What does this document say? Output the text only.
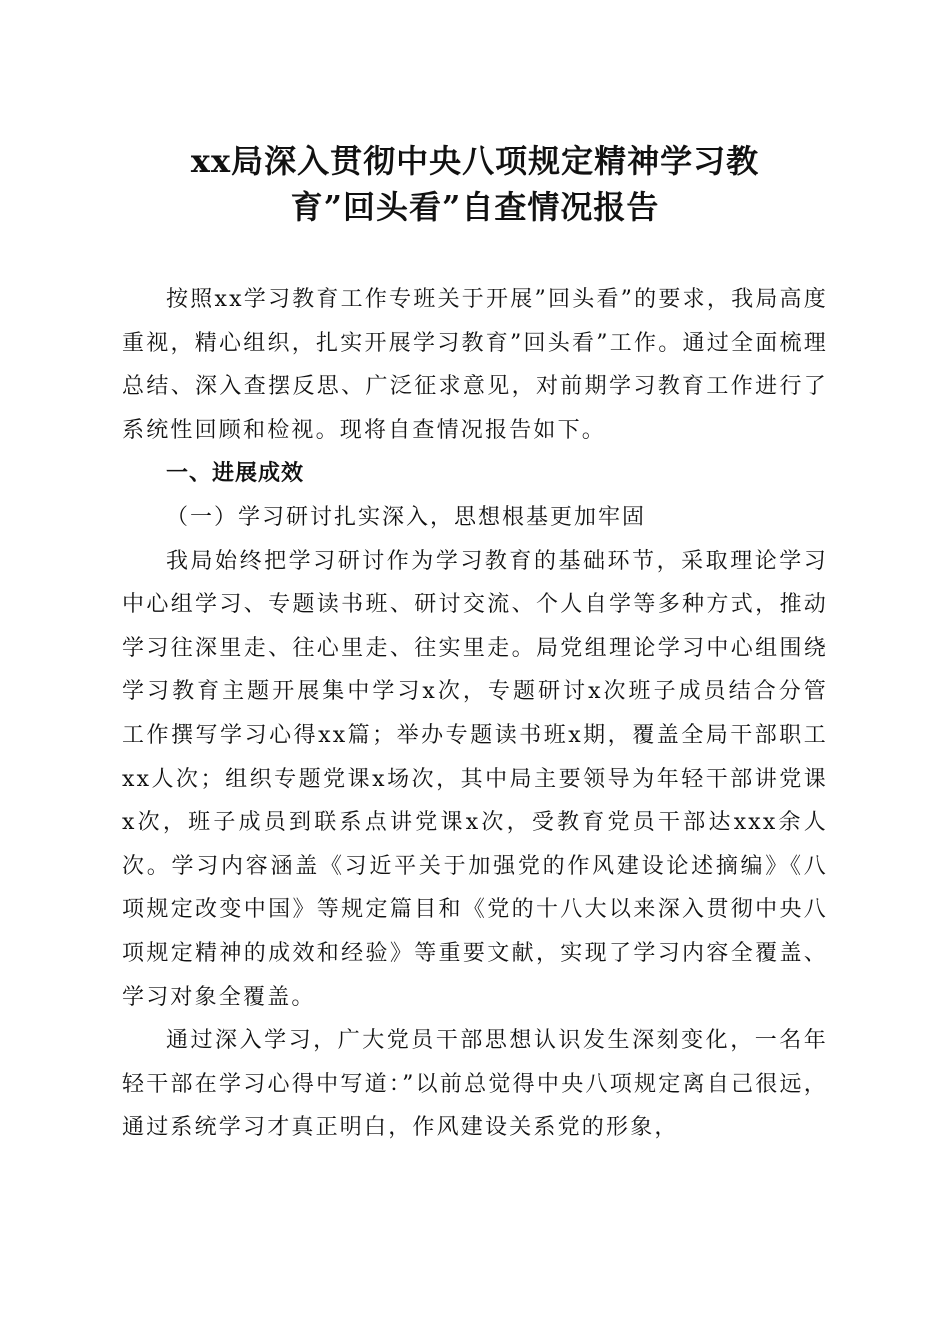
xx局深入贯彻中央八项规定精神学习教
育”回头看”自查情况报告

按照xx学习教育工作专班关于开展”回头看”的要求，我局高度重视，精心组织，扎实开展学习教育”回头看”工作。通过全面梳理总结、深入查摆反思、广泛征求意见，对前期学习教育工作进行了系统性回顾和检视。现将自查情况报告如下。

一、进展成效

（一）学习研讨扎实深入，思想根基更加牢固

我局始终把学习研讨作为学习教育的基础环节，采取理论学习中心组学习、专题读书班、研讨交流、个人自学等多种方式，推动学习往深里走、往心里走、往实里走。局党组理论学习中心组围绕学习教育主题开展集中学习x次，专题研讨x次班子成员结合分管工作撰写学习心得xx篇；举办专题读书班x期，覆盖全局干部职工xx人次；组织专题党课x场次，其中局主要领导为年轻干部讲党课x次，班子成员到联系点讲党课x次，受教育党员干部达xxx余人次。学习内容涵盖《习近平关于加强党的作风建设论述摘编》《八项规定改变中国》等规定篇目和《党的十八大以来深入贯彻中央八项规定精神的成效和经验》等重要文献，实现了学习内容全覆盖、学习对象全覆盖。

通过深入学习，广大党员干部思想认识发生深刻变化，一名年轻干部在学习心得中写道：”以前总觉得中央八项规定离自己很远，通过系统学习才真正明白，作风建设关系党的形象，
